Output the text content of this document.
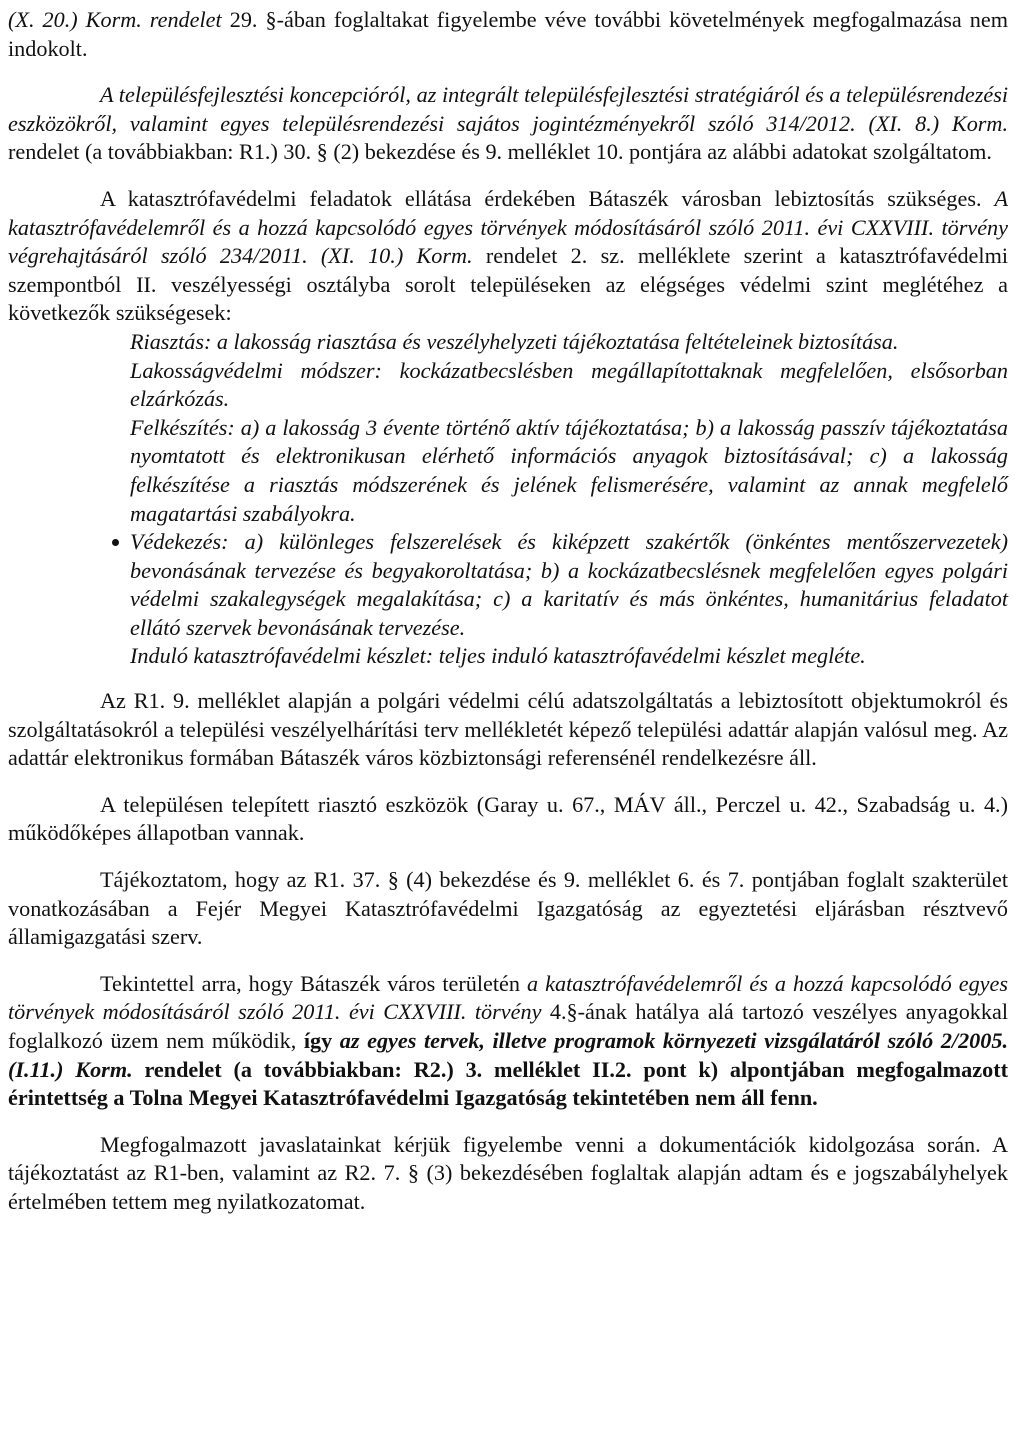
(X. 20.) Korm. rendelet 29. §-ában foglaltakat figyelembe véve további követelmények megfogalmazása nem indokolt.

A településfejlesztési koncepcióról, az integrált településfejlesztési stratégiáról és a településrendezési eszközökről, valamint egyes településrendezési sajátos jogintézményekről szóló 314/2012. (XI. 8.) Korm. rendelet (a továbbiakban: R1.) 30. § (2) bekezdése és 9. melléklet 10. pontjára az alábbi adatokat szolgáltatom.

A katasztrófavédelmi feladatok ellátása érdekében Bátaszék városban lebiztosítás szükséges. A katasztrófavédelemről és a hozzá kapcsolódó egyes törvények módosításáról szóló 2011. évi CXXVIII. törvény végrehajtásáról szóló 234/2011. (XI. 10.) Korm. rendelet 2. sz. melléklete szerint a katasztrófavédelmi szempontból II. veszélyességi osztályba sorolt településeken az elégséges védelmi szint meglétéhez a következők szükségesek:

Riasztás: a lakosság riasztása és veszélyhelyzeti tájékoztatása feltételeinek biztosítása.

Lakosságvédelmi módszer: kockázatbecslésben megállapítottaknak megfelelően, elsősorban elzárkózás.

Felkészítés: a) a lakosság 3 évente történő aktív tájékoztatása; b) a lakosság passzív tájékoztatása nyomtatott és elektronikusan elérhető információs anyagok biztosításával; c) a lakosság felkészítése a riasztás módszerének és jelének felismerésére, valamint az annak megfelelő magatartási szabályokra.

Védekezés: a) különleges felszerelések és kiképzett szakértők (önkéntes mentőszervezetek) bevonásának tervezése és begyakoroltatása; b) a kockázatbecslésnek megfelelően egyes polgári védelmi szakalegységek megalakítása; c) a karitatív és más önkéntes, humanitárius feladatot ellátó szervek bevonásának tervezése.

Induló katasztrófavédelmi készlet: teljes induló katasztrófavédelmi készlet megléte.

Az R1. 9. melléklet alapján a polgári védelmi célú adatszolgáltatás a lebiztosított objektumokról és szolgáltatásokról a települési veszélyelhárítási terv mellékletét képező települési adattár alapján valósul meg. Az adattár elektronikus formában Bátaszék város közbiztonsági referensénél rendelkezésre áll.

A településen telepített riasztó eszközök (Garay u. 67., MÁV áll., Perczel u. 42., Szabadság u. 4.) működőképes állapotban vannak.

Tájékoztatom, hogy az R1. 37. § (4) bekezdése és 9. melléklet 6. és 7. pontjában foglalt szakterület vonatkozásában a Fejér Megyei Katasztrófavédelmi Igazgatóság az egyeztetési eljárásban résztvevő államigazgatási szerv.

Tekintettel arra, hogy Bátaszék város területén a katasztrófavédelemről és a hozzá kapcsolódó egyes törvények módosításáról szóló 2011. évi CXXVIII. törvény 4.§-ának hatálya alá tartozó veszélyes anyagokkal foglalkozó üzem nem működik, így az egyes tervek, illetve programok környezeti vizsgálatáról szóló 2/2005. (I.11.) Korm. rendelet (a továbbiakban: R2.) 3. melléklet II.2. pont k) alpontjában megfogalmazott érintettség a Tolna Megyei Katasztrófavédelmi Igazgatóság tekintetében nem áll fenn.

Megfogalmazott javaslatainkat kérjük figyelembe venni a dokumentációk kidolgozása során. A tájékoztatást az R1-ben, valamint az R2. 7. § (3) bekezdésében foglaltak alapján adtam és e jogszabályhelyek értelmében tettem meg nyilatkozatomat.
